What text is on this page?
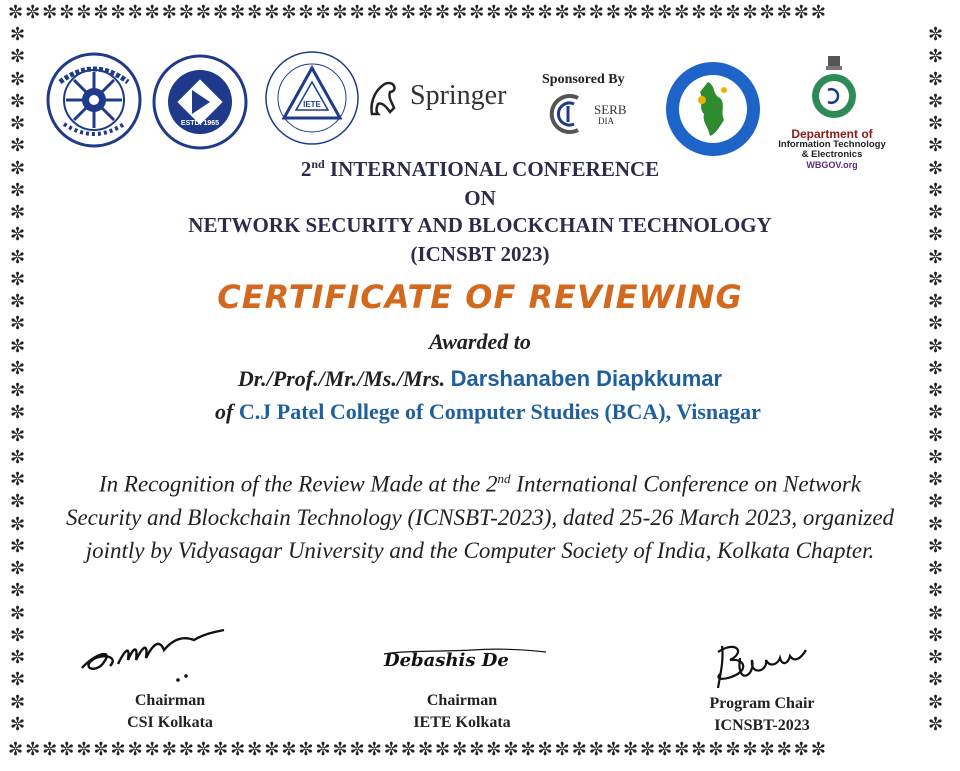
✼✼✼✼✼✼✼✼✼✼✼✼✼✼✼✼✼✼✼✼✼✼✼✼✼✼✼✼✼✼✼✼✼✼✼✼✼✼✼✼✼✼✼✼✼✼✼✼
✼✼✼✼✼✼✼✼✼✼✼✼✼✼✼✼✼✼✼✼✼✼✼✼✼✼✼✼✼✼✼✼✼✼✼✼✼✼✼✼✼✼✼✼✼✼✼✼
✼
✼
✼
✼
✼
✼
✼
✼
✼
✼
✼
✼
✼
✼
✼
✼
✼
✼
✼
✼
✼
✼
✼
✼
✼
✼
✼
✼
✼
✼
✼
✼
✼
✼
✼
✼
✼
✼
✼
✼
✼
✼
✼
✼
✼
✼
✼
✼
✼
✼
✼
✼
✼
✼
✼
✼
✼
✼
✼
✼
✼
✼
✼
✼
ESTD. 1965
IETE	Springer
Sponsored By
SERB
DIA
Department of
Information Technology
& Electronics
WBGOV.org
2nd INTERNATIONAL CONFERENCE
ON
NETWORK SECURITY AND BLOCKCHAIN TECHNOLOGY
(ICNSBT 2023)
CERTIFICATE OF REVIEWING
Awarded to
Dr./Prof./Mr./Ms./Mrs. Darshanaben Diapkkumar
of C.J Patel College of Computer Studies (BCA), Visnagar
In Recognition of the Review Made at the 2nd International Conference on Network Security and Blockchain Technology (ICNSBT-2023), dated 25-26 March 2023, organized jointly by Vidyasagar University and the Computer Society of India, Kolkata Chapter.
Debashis De
Chairman
CSI Kolkata
Chairman
IETE Kolkata
Program Chair
ICNSBT-2023
